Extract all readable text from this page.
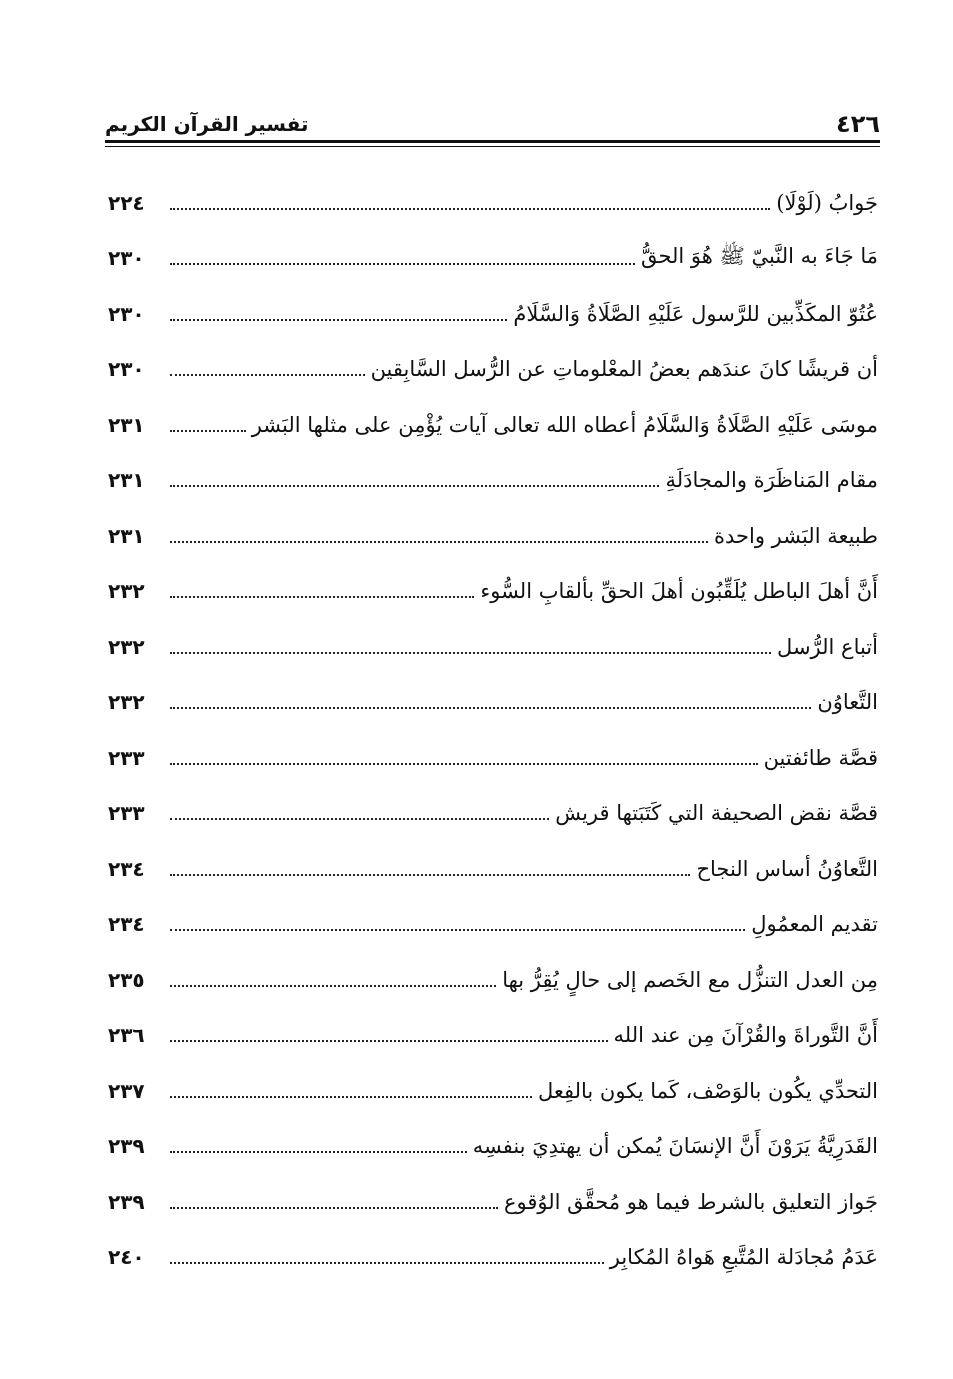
٤٢٦
تفسير القرآن الكريم
جَوابُ (لَوْلَا)
٢٢٤
مَا جَاءَ به النَّبيّ ﷺ هُوَ الحقُّ
٢٣٠
عُتُوّ المكَذِّبين للرَّسول عَلَيْهِ الصَّلَاةُ وَالسَّلَامُ
٢٣٠
أن قريشًا كانَ عندَهم بعضُ المعْلوماتِ عن الرُّسل السَّابِقين
٢٣٠
موسَى عَلَيْهِ الصَّلَاةُ وَالسَّلَامُ أعطاه الله تعالى آيات يُؤْمِن على مثلها البَشر
٢٣١
مقام المَناظَرَة والمجادَلَةِ
٢٣١
طبيعة البَشر واحدة
٢٣١
أَنَّ أهلَ الباطل يُلَقِّبُون أهلَ الحقِّ بألقابِ السُّوء
٢٣٢
أتباع الرُّسل
٢٣٢
التَّعاوُن
٢٣٢
قصَّة طائفتين
٢٣٣
قصَّة نقض الصحيفة التي كَتَبَتها قريش
٢٣٣
التَّعاوُنُ أساس النجاح
٢٣٤
تقديم المعمُولِ
٢٣٤
مِن العدل التنزُّل مع الخَصم إلى حالٍ يُقِرُّ بها
٢٣٥
أَنَّ التَّوراةَ والقُرْآنَ مِن عند الله
٢٣٦
التحدِّي يكُون بالوَصْف، كَما يكون بالفِعل
٢٣٧
القَدَرِيَّةُ يَرَوْنَ أَنَّ الإنسَانَ يُمكن أن يهتدِيَ بنفسِه
٢٣٩
جَواز التعليق بالشرط فيما هو مُحقَّق الوُقوع
٢٣٩
عَدَمُ مُجادَلة المُتَّبعِ هَواهُ المُكابِر
٢٤٠
